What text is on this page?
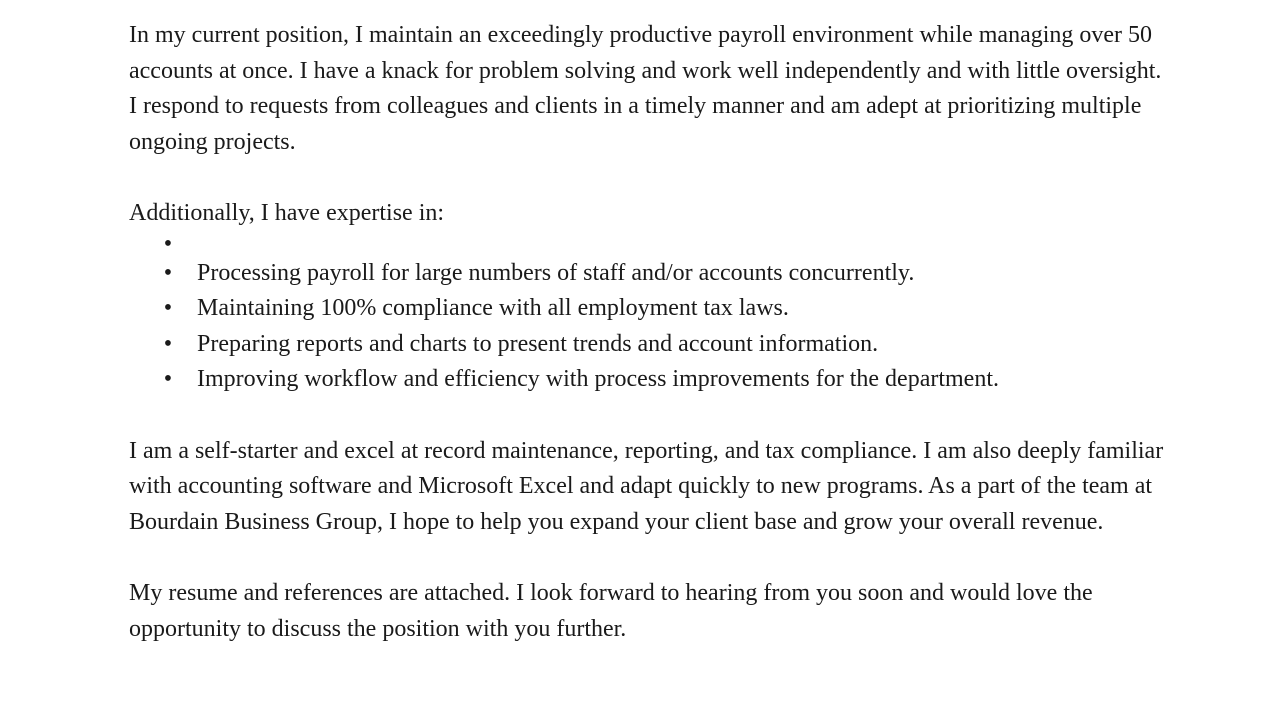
In my current position, I maintain an exceedingly productive payroll environment while managing over 50 accounts at once. I have a knack for problem solving and work well independently and with little oversight. I respond to requests from colleagues and clients in a timely manner and am adept at prioritizing multiple ongoing projects.

Additionally, I have expertise in:

•
• Processing payroll for large numbers of staff and/or accounts concurrently.
• Maintaining 100% compliance with all employment tax laws.
• Preparing reports and charts to present trends and account information.
• Improving workflow and efficiency with process improvements for the department.

I am a self-starter and excel at record maintenance, reporting, and tax compliance. I am also deeply familiar with accounting software and Microsoft Excel and adapt quickly to new programs. As a part of the team at Bourdain Business Group, I hope to help you expand your client base and grow your overall revenue.

My resume and references are attached. I look forward to hearing from you soon and would love the opportunity to discuss the position with you further.
